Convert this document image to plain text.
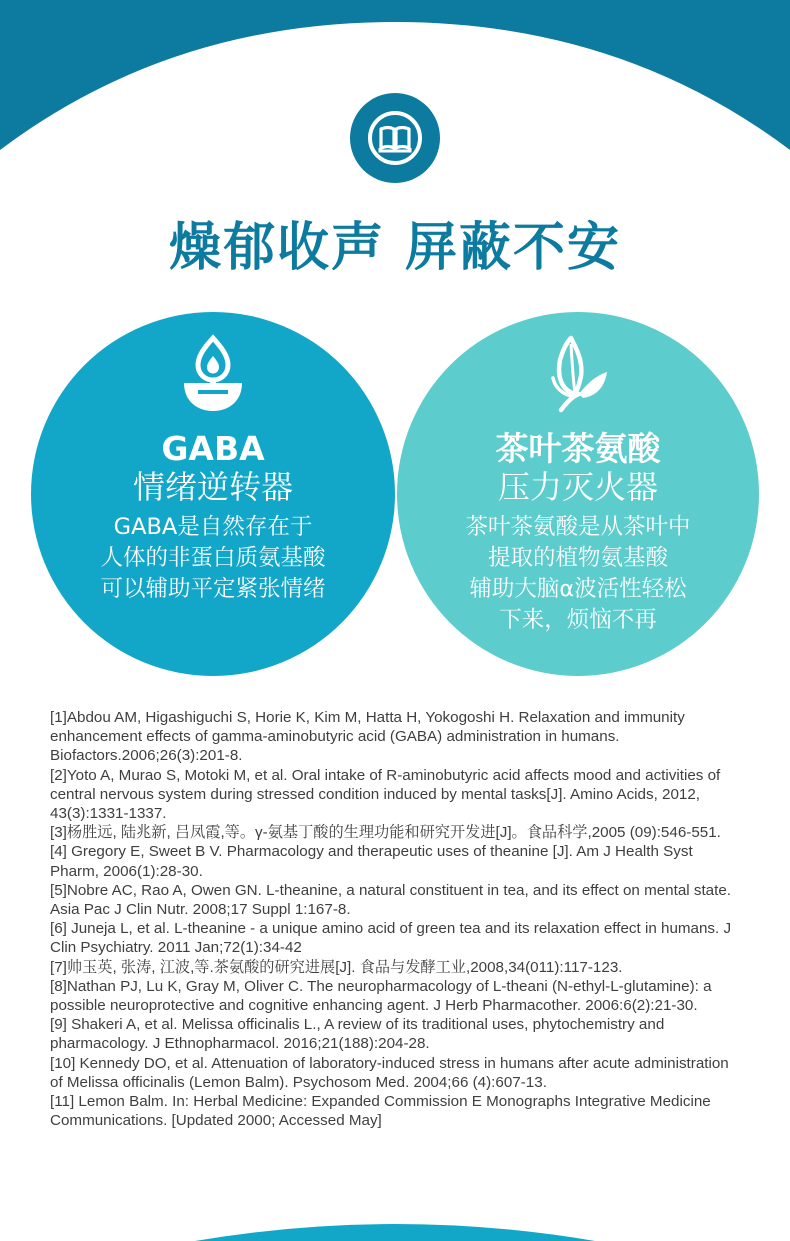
燥郁收声 屏蔽不安
GABA
情绪逆转器
GABA是自然存在于
人体的非蛋白质氨基酸
可以辅助平定紧张情绪
茶叶茶氨酸
压力灭火器
茶叶茶氨酸是从茶叶中
提取的植物氨基酸
辅助大脑α波活性轻松
下来，烦恼不再
[1]Abdou AM, Higashiguchi S, Horie K, Kim M, Hatta H, Yokogoshi H. Relaxation and immunity enhancement effects of gamma-aminobutyric acid (GABA) administration in humans. Biofactors.2006;26(3):201-8.
[2]Yoto A, Murao S, Motoki M, et al. Oral intake of R-aminobutyric acid affects mood and activities of central nervous system during stressed condition induced by mental tasks[J]. Amino Acids, 2012, 43(3):1331-1337.
[3]杨胜远, 陆兆新, 吕凤霞,等。γ-氨基丁酸的生理功能和研究开发进[J]。食品科学,2005 (09):546-551.
[4] Gregory E, Sweet B V. Pharmacology and therapeutic uses of theanine [J]. Am J Health Syst Pharm, 2006(1):28-30.
[5]Nobre AC, Rao A, Owen GN. L-theanine, a natural constituent in tea, and its effect on mental state. Asia Pac J Clin Nutr. 2008;17 Suppl 1:167-8.
[6] Juneja L, et al. L-theanine - a unique amino acid of green tea and its relaxation effect in humans. J Clin Psychiatry. 2011 Jan;72(1):34-42
[7]帅玉英, 张涛, 江波,等.茶氨酸的研究进展[J]. 食品与发酵工业,2008,34(011):117-123.
[8]Nathan PJ, Lu K, Gray M, Oliver C. The neuropharmacology of L-theani (N-ethyl-L-glutamine): a possible neuroprotective and cognitive enhancing agent. J Herb Pharmacother. 2006:6(2):21-30.
[9] Shakeri A, et al. Melissa officinalis L., A review of its traditional uses, phytochemistry and pharmacology. J Ethnopharmacol. 2016;21(188):204-28.
[10] Kennedy DO, et al. Attenuation of laboratory-induced stress in humans after acute administration of Melissa officinalis (Lemon Balm). Psychosom Med. 2004;66 (4):607-13.
[11] Lemon Balm. In: Herbal Medicine: Expanded Commission E Monographs Integrative Medicine Communications. [Updated 2000; Accessed May]
